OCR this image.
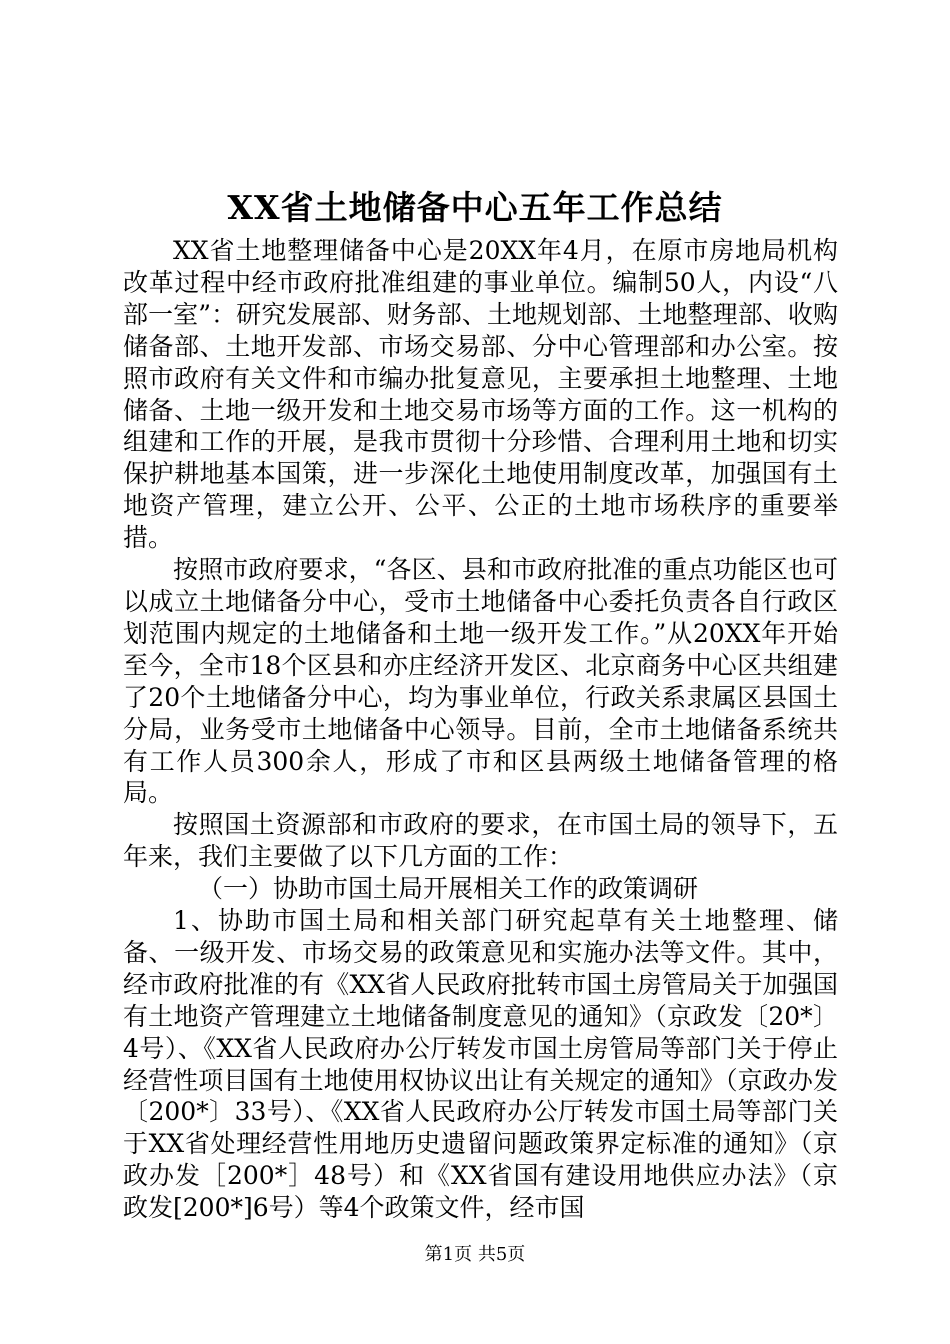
XX省土地储备中心五年工作总结

XX省土地整理储备中心是20XX年4月，在原市房地局机构改革过程中经市政府批准组建的事业单位。编制50人，内设“八部一室”：研究发展部、财务部、土地规划部、土地整理部、收购储备部、土地开发部、市场交易部、分中心管理部和办公室。按照市政府有关文件和市编办批复意见，主要承担土地整理、土地储备、土地一级开发和土地交易市场等方面的工作。这一机构的组建和工作的开展，是我市贯彻十分珍惜、合理利用土地和切实保护耕地基本国策，进一步深化土地使用制度改革，加强国有土地资产管理，建立公开、公平、公正的土地市场秩序的重要举措。

按照市政府要求，“各区、县和市政府批准的重点功能区也可以成立土地储备分中心，受市土地储备中心委托负责各自行政区划范围内规定的土地储备和土地一级开发工作。”从20XX年开始至今，全市18个区县和亦庄经济开发区、北京商务中心区共组建了20个土地储备分中心，均为事业单位，行政关系隶属区县国土分局，业务受市土地储备中心领导。目前，全市土地储备系统共有工作人员300余人，形成了市和区县两级土地储备管理的格局。

按照国土资源部和市政府的要求，在市国土局的领导下，五年来，我们主要做了以下几方面的工作：

（一）协助市国土局开展相关工作的政策调研

1、协助市国土局和相关部门研究起草有关土地整理、储备、一级开发、市场交易的政策意见和实施办法等文件。其中，经市政府批准的有《XX省人民政府批转市国土房管局关于加强国有土地资产管理建立土地储备制度意见的通知》（京政发〔20*〕4号）、《XX省人民政府办公厅转发市国土房管局等部门关于停止经营性项目国有土地使用权协议出让有关规定的通知》（京政办发〔200*〕33号）、《XX省人民政府办公厅转发市国土局等部门关于XX省处理经营性用地历史遗留问题政策界定标准的通知》（京政办发［200*］48号）和《XX省国有建设用地供应办法》（京政发[200*]6号）等4个政策文件，经市国

第1页 共5页
